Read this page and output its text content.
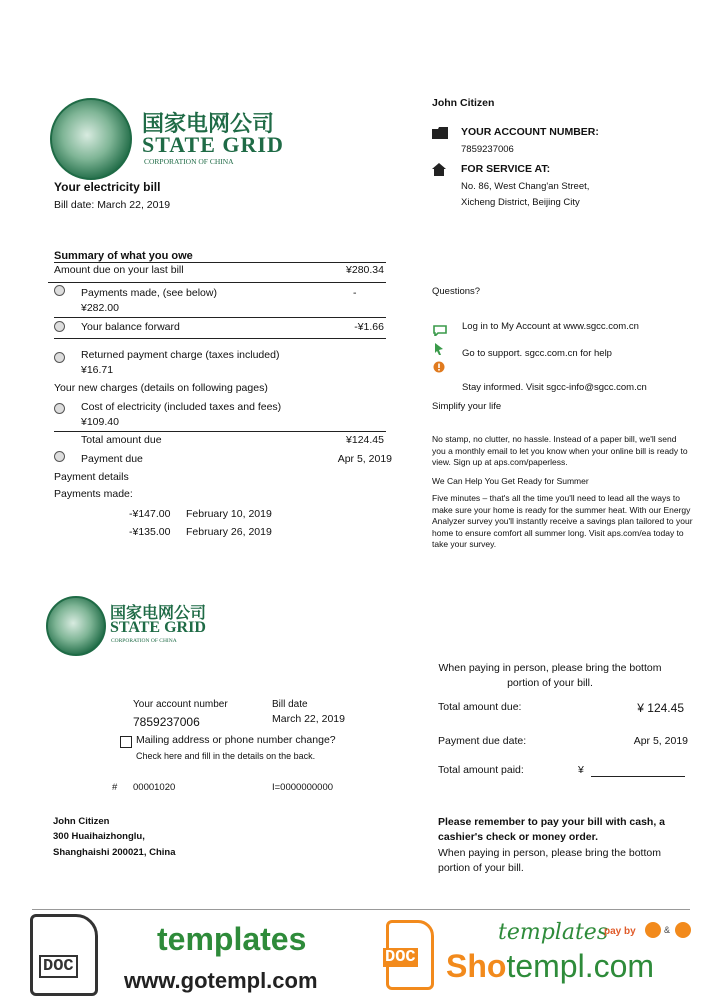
国家电网公司
STATE GRID
CORPORATION OF CHINA
Your electricity bill
Bill date: March 22, 2019
John Citizen
YOUR ACCOUNT NUMBER:
7859237006
FOR SERVICE AT:
No. 86, West Chang'an Street,
Xicheng District, Beijing City
Summary of what you owe
Amount due on your last bill	¥280.34
Payments made, (see below)	-
¥282.00
Your balance forward	-¥1.66
Returned payment charge (taxes included)
¥16.71
Your new charges (details on following pages)
Cost of electricity (included taxes and fees)
¥109.40
Total amount due	¥124.45
Payment due	Apr 5, 2019
Payment details
Payments made:
-¥147.00 February 10, 2019
-¥135.00 February 26, 2019
Questions?
Log in to My Account at www.sgcc.com.cn
Go to support. sgcc.com.cn for help
Stay informed. Visit sgcc-info@sgcc.com.cn
Simplify your life
No stamp, no clutter, no hassle. Instead of a paper bill, we'll send you a monthly email to let you know when your online bill is ready to view. Sign up at aps.com/paperless.
We Can Help You Get Ready for Summer
Five minutes – that's all the time you'll need to lead all the ways to make sure your home is ready for the summer heat. With our Energy Analyzer survey you'll instantly receive a savings plan tailored to your home to ensure comfort all summer long. Visit aps.com/ea today to take your survey.
国家电网公司
STATE GRID
CORPORATION OF CHINA
Your account number
7859237006
Bill date
March 22, 2019
Mailing address or phone number change?
Check here and fill in the details on the back.
# 00001020	I=0000000000
John Citizen
300 Huaihaizhonglu,
Shanghaishi 200021, China
When paying in person, please bring the bottom portion of your bill.
Total amount due:	¥ 124.45
Payment due date:	Apr 5, 2019
Total amount paid:	¥
Please remember to pay your bill with cash, a cashier's check or money order.
When paying in person, please bring the bottom portion of your bill.
DOC
templates
www.gotempl.com
DOC
templates
pay by	&
Shotempl.com
